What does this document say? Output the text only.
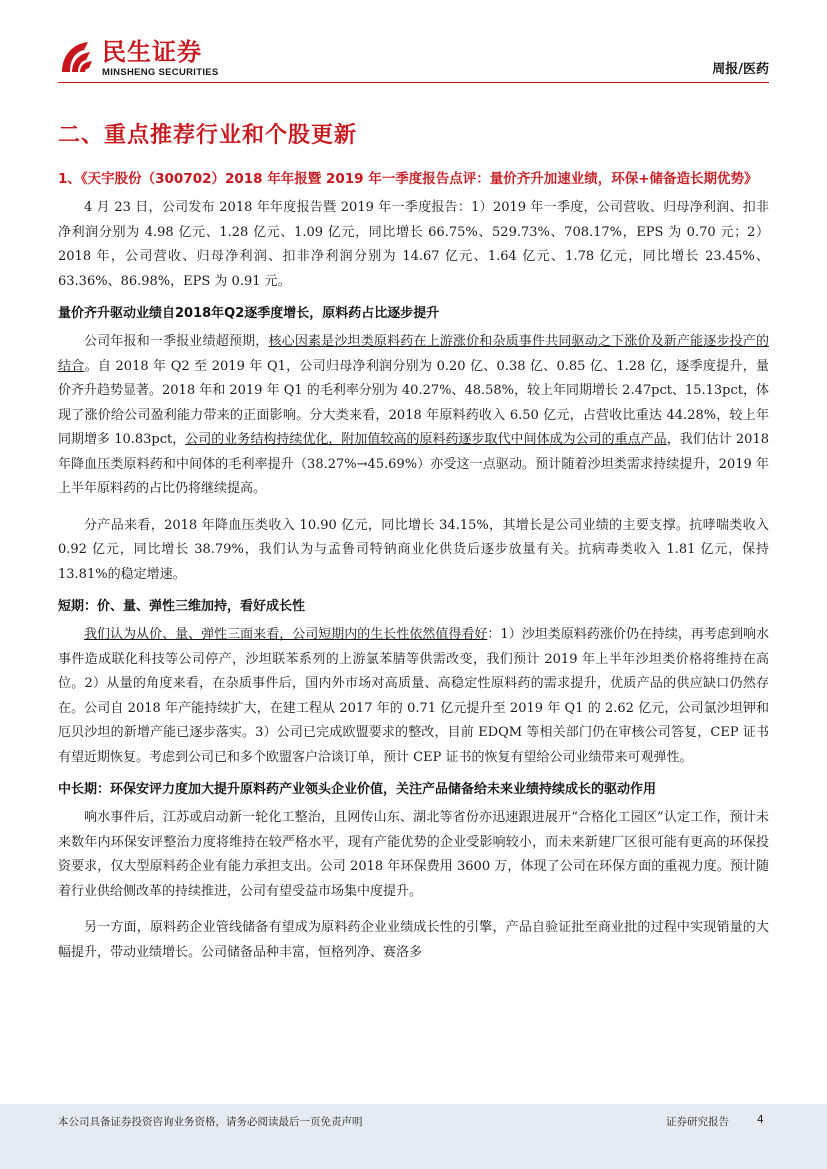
民生证券
MINSHENG SECURITIES	周报/医药
二、重点推荐行业和个股更新
1、《天宇股份（300702）2018 年年报暨 2019 年一季度报告点评：量价齐升加速业绩，环保+储备造长期优势》

4 月 23 日，公司发布 2018 年年度报告暨 2019 年一季度报告：1）2019 年一季度，公司营收、归母净利润、扣非净利润分别为 4.98 亿元、1.28 亿元、1.09 亿元，同比增长 66.75%、529.73%、708.17%，EPS 为 0.70 元；2）2018 年，公司营收、归母净利润、扣非净利润分别为 14.67 亿元、1.64 亿元、1.78 亿元，同比增长 23.45%、63.36%、86.98%，EPS 为 0.91 元。

量价齐升驱动业绩自2018年Q2逐季度增长，原料药占比逐步提升

公司年报和一季报业绩超预期，核心因素是沙坦类原料药在上游涨价和杂质事件共同驱动之下涨价及新产能逐步投产的结合。自 2018 年 Q2 至 2019 年 Q1，公司归母净利润分别为 0.20 亿、0.38 亿、0.85 亿、1.28 亿，逐季度提升，量价齐升趋势显著。2018 年和 2019 年 Q1 的毛利率分别为 40.27%、48.58%，较上年同期增长 2.47pct、15.13pct，体现了涨价给公司盈利能力带来的正面影响。分大类来看，2018 年原料药收入 6.50 亿元，占营收比重达 44.28%，较上年同期增多 10.83pct，公司的业务结构持续优化，附加值较高的原料药逐步取代中间体成为公司的重点产品，我们估计 2018 年降血压类原料药和中间体的毛利率提升（38.27%→45.69%）亦受这一点驱动。预计随着沙坦类需求持续提升，2019 年上半年原料药的占比仍将继续提高。

分产品来看，2018 年降血压类收入 10.90 亿元，同比增长 34.15%，其增长是公司业绩的主要支撑。抗哮喘类收入 0.92 亿元，同比增长 38.79%，我们认为与孟鲁司特钠商业化供货后逐步放量有关。抗病毒类收入 1.81 亿元，保持 13.81%的稳定增速。

短期：价、量、弹性三维加持，看好成长性

我们认为从价、量、弹性三面来看，公司短期内的生长性依然值得看好：1）沙坦类原料药涨价仍在持续，再考虑到响水事件造成联化科技等公司停产，沙坦联苯系列的上游氯苯腈等供需改变，我们预计 2019 年上半年沙坦类价格将维持在高位。2）从量的角度来看，在杂质事件后，国内外市场对高质量、高稳定性原料药的需求提升，优质产品的供应缺口仍然存在。公司自 2018 年产能持续扩大，在建工程从 2017 年的 0.71 亿元提升至 2019 年 Q1 的 2.62 亿元，公司氯沙坦钾和厄贝沙坦的新增产能已逐步落实。3）公司已完成欧盟要求的整改，目前 EDQM 等相关部门仍在审核公司答复，CEP 证书有望近期恢复。考虑到公司已和多个欧盟客户洽谈订单，预计 CEP 证书的恢复有望给公司业绩带来可观弹性。

中长期：环保安评力度加大提升原料药产业领头企业价值，关注产品储备给未来业绩持续成长的驱动作用

响水事件后，江苏或启动新一轮化工整治，且网传山东、湖北等省份亦迅速跟进展开“合格化工园区”认定工作，预计未来数年内环保安评整治力度将维持在较严格水平，现有产能优势的企业受影响较小，而未来新建厂区很可能有更高的环保投资要求，仅大型原料药企业有能力承担支出。公司 2018 年环保费用 3600 万，体现了公司在环保方面的重视力度。预计随着行业供给侧改革的持续推进，公司有望受益市场集中度提升。

另一方面，原料药企业管线储备有望成为原料药企业业绩成长性的引擎，产品自验证批至商业批的过程中实现销量的大幅提升，带动业绩增长。公司储备品种丰富，恒格列净、赛洛多

本公司具备证券投资咨询业务资格，请务必阅读最后一页免责声明	证券研究报告	4
